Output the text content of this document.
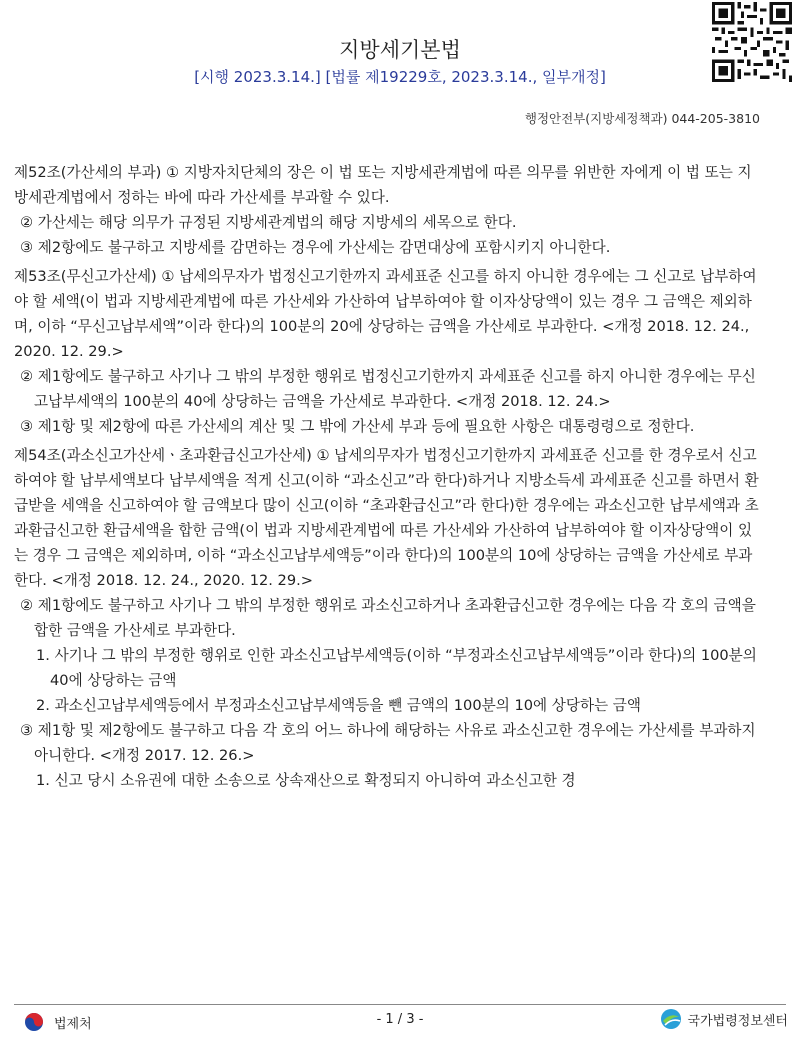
지방세기본법
[시행 2023.3.14.] [법률 제19229호, 2023.3.14., 일부개정]
행정안전부(지방세정책과) 044-205-3810

제52조(가산세의 부과) ① 지방자치단체의 장은 이 법 또는 지방세관계법에 따른 의무를 위반한 자에게 이 법 또는 지방세관계법에서 정하는 바에 따라 가산세를 부과할 수 있다.

② 가산세는 해당 의무가 규정된 지방세관계법의 해당 지방세의 세목으로 한다.

③ 제2항에도 불구하고 지방세를 감면하는 경우에 가산세는 감면대상에 포함시키지 아니한다.

제53조(무신고가산세) ① 납세의무자가 법정신고기한까지 과세표준 신고를 하지 아니한 경우에는 그 신고로 납부하여야 할 세액(이 법과 지방세관계법에 따른 가산세와 가산하여 납부하여야 할 이자상당액이 있는 경우 그 금액은 제외하며, 이하 “무신고납부세액”이라 한다)의 100분의 20에 상당하는 금액을 가산세로 부과한다. <개정 2018. 12. 24., 2020. 12. 29.>

② 제1항에도 불구하고 사기나 그 밖의 부정한 행위로 법정신고기한까지 과세표준 신고를 하지 아니한 경우에는 무신고납부세액의 100분의 40에 상당하는 금액을 가산세로 부과한다. <개정 2018. 12. 24.>

③ 제1항 및 제2항에 따른 가산세의 계산 및 그 밖에 가산세 부과 등에 필요한 사항은 대통령령으로 정한다.

제54조(과소신고가산세ㆍ초과환급신고가산세) ① 납세의무자가 법정신고기한까지 과세표준 신고를 한 경우로서 신고하여야 할 납부세액보다 납부세액을 적게 신고(이하 “과소신고”라 한다)하거나 지방소득세 과세표준 신고를 하면서 환급받을 세액을 신고하여야 할 금액보다 많이 신고(이하 “초과환급신고”라 한다)한 경우에는 과소신고한 납부세액과 초과환급신고한 환급세액을 합한 금액(이 법과 지방세관계법에 따른 가산세와 가산하여 납부하여야 할 이자상당액이 있는 경우 그 금액은 제외하며, 이하 “과소신고납부세액등”이라 한다)의 100분의 10에 상당하는 금액을 가산세로 부과한다. <개정 2018. 12. 24., 2020. 12. 29.>

② 제1항에도 불구하고 사기나 그 밖의 부정한 행위로 과소신고하거나 초과환급신고한 경우에는 다음 각 호의 금액을 합한 금액을 가산세로 부과한다.

1. 사기나 그 밖의 부정한 행위로 인한 과소신고납부세액등(이하 “부정과소신고납부세액등”이라 한다)의 100분의 40에 상당하는 금액

2. 과소신고납부세액등에서 부정과소신고납부세액등을 뺀 금액의 100분의 10에 상당하는 금액

③ 제1항 및 제2항에도 불구하고 다음 각 호의 어느 하나에 해당하는 사유로 과소신고한 경우에는 가산세를 부과하지 아니한다. <개정 2017. 12. 26.>

1. 신고 당시 소유권에 대한 소송으로 상속재산으로 확정되지 아니하여 과소신고한 경

법제처	- 1 / 3 -	국가법령정보센터
